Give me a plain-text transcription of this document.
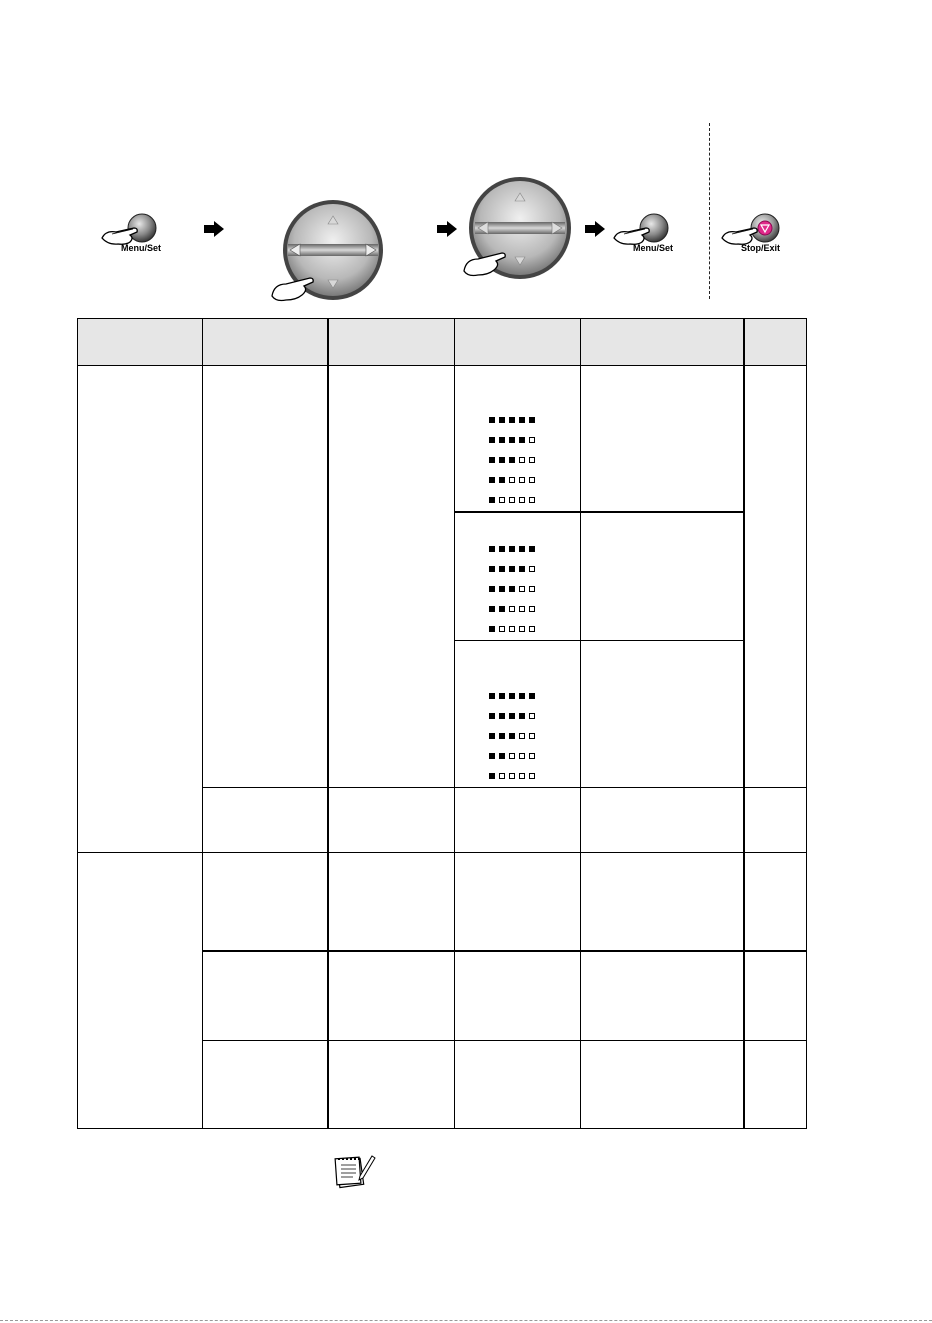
Menu/Set	Menu/Set	Stop/Exit
